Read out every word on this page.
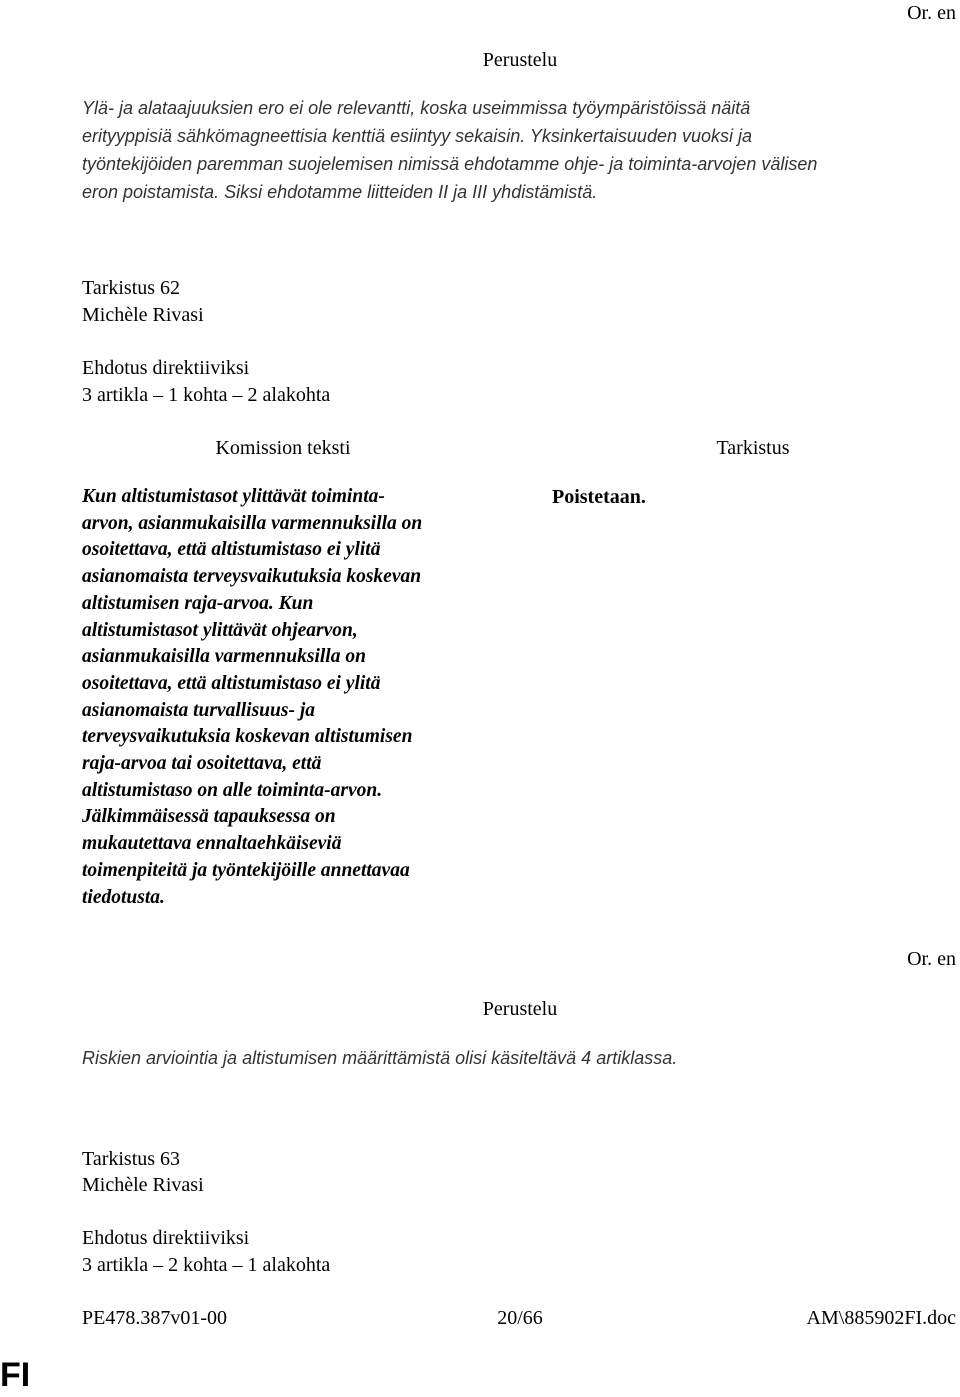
Or. en
Perustelu
Ylä- ja alataajuuksien ero ei ole relevantti, koska useimmissa työympäristöissä näitä
erityyppisiä sähkömagneettisia kenttiä esiintyy sekaisin. Yksinkertaisuuden vuoksi ja
työntekijöiden paremman suojelemisen nimissä ehdotamme ohje- ja toiminta-arvojen välisen
eron poistamista. Siksi ehdotamme liitteiden II ja III yhdistämistä.
Tarkistus 62
Michèle Rivasi
Ehdotus direktiiviksi
3 artikla – 1 kohta – 2 alakohta
Komission teksti	Tarkistus
Kun altistumistasot ylittävät toiminta-
arvon, asianmukaisilla varmennuksilla on
osoitettava, että altistumistaso ei ylitä
asianomaista terveysvaikutuksia koskevan
altistumisen raja-arvoa. Kun
altistumistasot ylittävät ohjearvon,
asianmukaisilla varmennuksilla on
osoitettava, että altistumistaso ei ylitä
asianomaista turvallisuus- ja
terveysvaikutuksia koskevan altistumisen
raja-arvoa tai osoitettava, että
altistumistaso on alle toiminta-arvon.
Jälkimmäisessä tapauksessa on
mukautettava ennaltaehkäiseviä
toimenpiteitä ja työntekijöille annettavaa
tiedotusta.
Poistetaan.
Or. en
Perustelu
Riskien arviointia ja altistumisen määrittämistä olisi käsiteltävä 4 artiklassa.
Tarkistus 63
Michèle Rivasi
Ehdotus direktiiviksi
3 artikla – 2 kohta – 1 alakohta
PE478.387v01-00	20/66	AM\885902FI.doc
FI
